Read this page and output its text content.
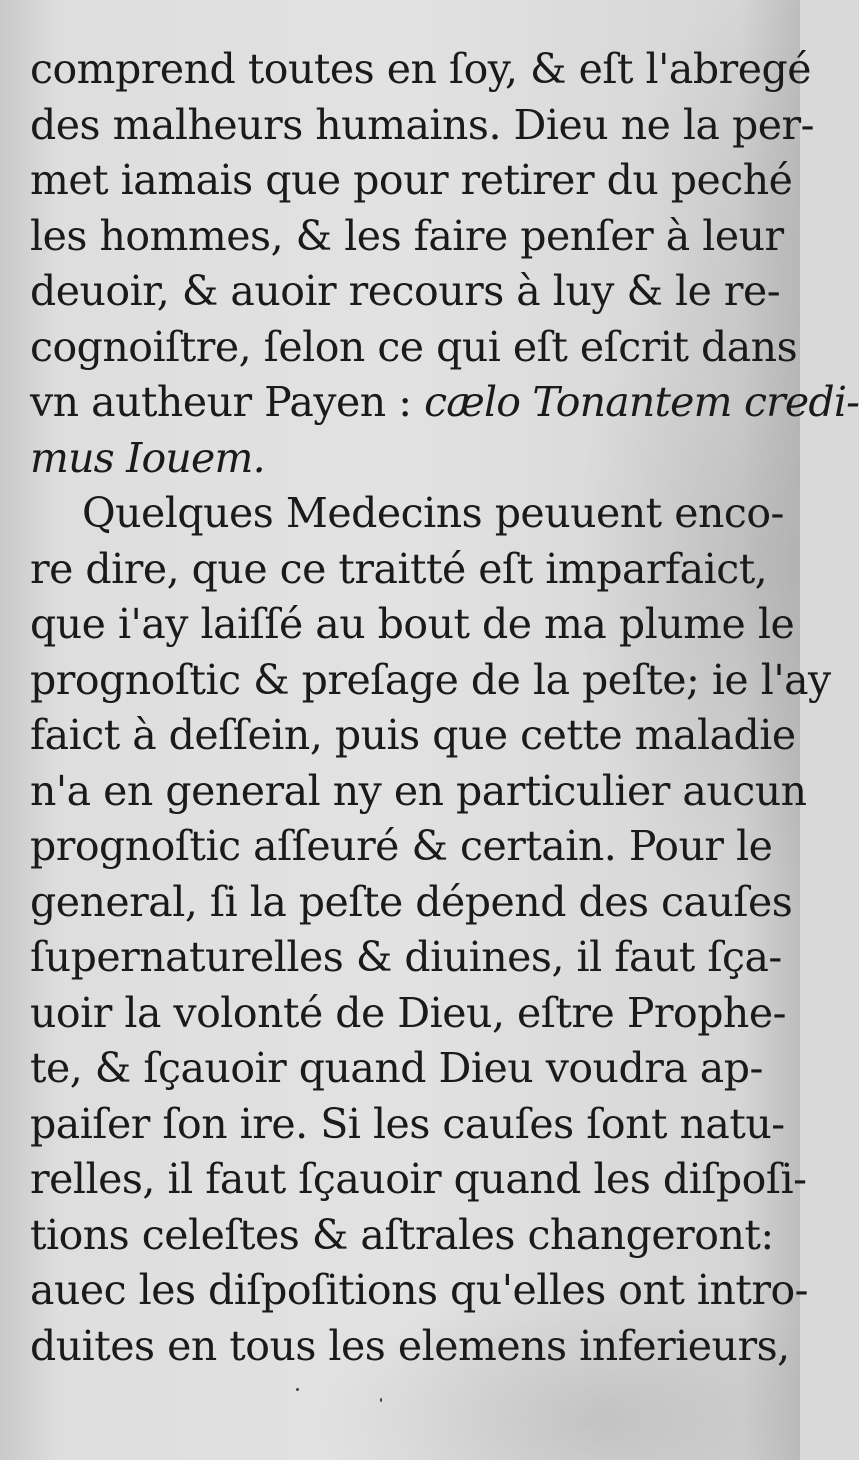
comprend toutes en ſoy, & eſt l'abregé
des malheurs humains. Dieu ne la per-
met iamais que pour retirer du peché
les hommes, & les faire penſer à leur
deuoir, & auoir recours à luy & le re-
cognoiſtre, ſelon ce qui eſt eſcrit dans
vn autheur Payen : cælo Tonantem credi-
mus Iouem.
Quelques Medecins peuuent enco-
re dire, que ce traitté eſt imparfaict,
que i'ay laiſſé au bout de ma plume le
prognoſtic & preſage de la peſte; ie l'ay
faict à deſſein, puis que cette maladie
n'a en general ny en particulier aucun
prognoſtic aſſeuré & certain. Pour le
general, ſi la peſte dépend des cauſes
ſupernaturelles & diuines, il faut ſça-
uoir la volonté de Dieu, eſtre Prophe-
te, & ſçauoir quand Dieu voudra ap-
paiſer ſon ire. Si les cauſes ſont natu-
relles, il faut ſçauoir quand les diſpoſi-
tions celeſtes & aſtrales changeront:
auec les diſpoſitions qu'elles ont intro-
duites en tous les elemens inferieurs,
